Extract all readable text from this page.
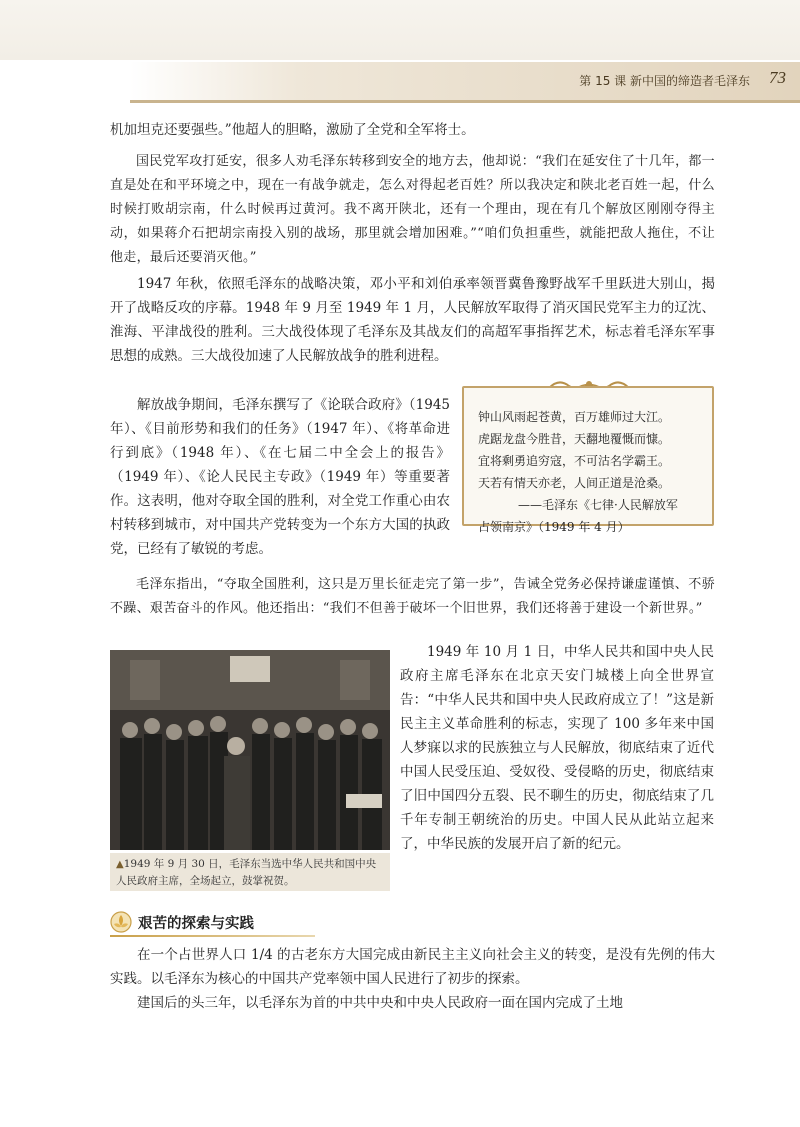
第 15 课 新中国的缔造者毛泽东 73

机加坦克还要强些。”他超人的胆略，激励了全党和全军将士。

国民党军攻打延安，很多人劝毛泽东转移到安全的地方去，他却说：“我们在延安住了十几年，都一直是处在和平环境之中，现在一有战争就走，怎么对得起老百姓？所以我决定和陕北老百姓一起，什么时候打败胡宗南，什么时候再过黄河。我不离开陕北，还有一个理由，现在有几个解放区刚刚夺得主动，如果蒋介石把胡宗南投入别的战场，那里就会增加困难。”“咱们负担重些，就能把敌人拖住，不让他走，最后还要消灭他。”

1947 年秋，依照毛泽东的战略决策，邓小平和刘伯承率领晋冀鲁豫野战军千里跃进大别山，揭开了战略反攻的序幕。1948 年 9 月至 1949 年 1 月，人民解放军取得了消灭国民党军主力的辽沈、淮海、平津战役的胜利。三大战役体现了毛泽东及其战友们的高超军事指挥艺术，标志着毛泽东军事思想的成熟。三大战役加速了人民解放战争的胜利进程。

解放战争期间，毛泽东撰写了《论联合政府》（1945 年）、《目前形势和我们的任务》（1947 年）、《将革命进行到底》（1948 年）、《在七届二中全会上的报告》（1949 年）、《论人民民主专政》（1949 年）等重要著作。这表明，他对夺取全国的胜利，对全党工作重心由农村转移到城市，对中国共产党转变为一个东方大国的执政党，已经有了敏锐的考虑。

钟山风雨起苍黄，百万雄师过大江。

虎踞龙盘今胜昔，天翻地覆慨而慷。

宜将剩勇追穷寇，不可沽名学霸王。

天若有情天亦老，人间正道是沧桑。

——毛泽东《七律·人民解放军

占领南京》（1949 年 4 月）

毛泽东指出，“夺取全国胜利，这只是万里长征走完了第一步”，告诫全党务必保持谦虚谨慎、不骄不躁、艰苦奋斗的作风。他还指出：“我们不但善于破坏一个旧世界，我们还将善于建设一个新世界。”

▲1949 年 9 月 30 日，毛泽东当选中华人民共和国中央人民政府主席，全场起立，鼓掌祝贺。

1949 年 10 月 1 日，中华人民共和国中央人民政府主席毛泽东在北京天安门城楼上向全世界宣告：“中华人民共和国中央人民政府成立了！”这是新民主主义革命胜利的标志，实现了 100 多年来中国人梦寐以求的民族独立与人民解放，彻底结束了近代中国人民受压迫、受奴役、受侵略的历史，彻底结束了旧中国四分五裂、民不聊生的历史，彻底结束了几千年专制王朝统治的历史。中国人民从此站立起来了，中华民族的发展开启了新的纪元。

艰苦的探索与实践

在一个占世界人口 1/4 的古老东方大国完成由新民主主义向社会主义的转变，是没有先例的伟大实践。以毛泽东为核心的中国共产党率领中国人民进行了初步的探索。

建国后的头三年，以毛泽东为首的中共中央和中央人民政府一面在国内完成了土地
